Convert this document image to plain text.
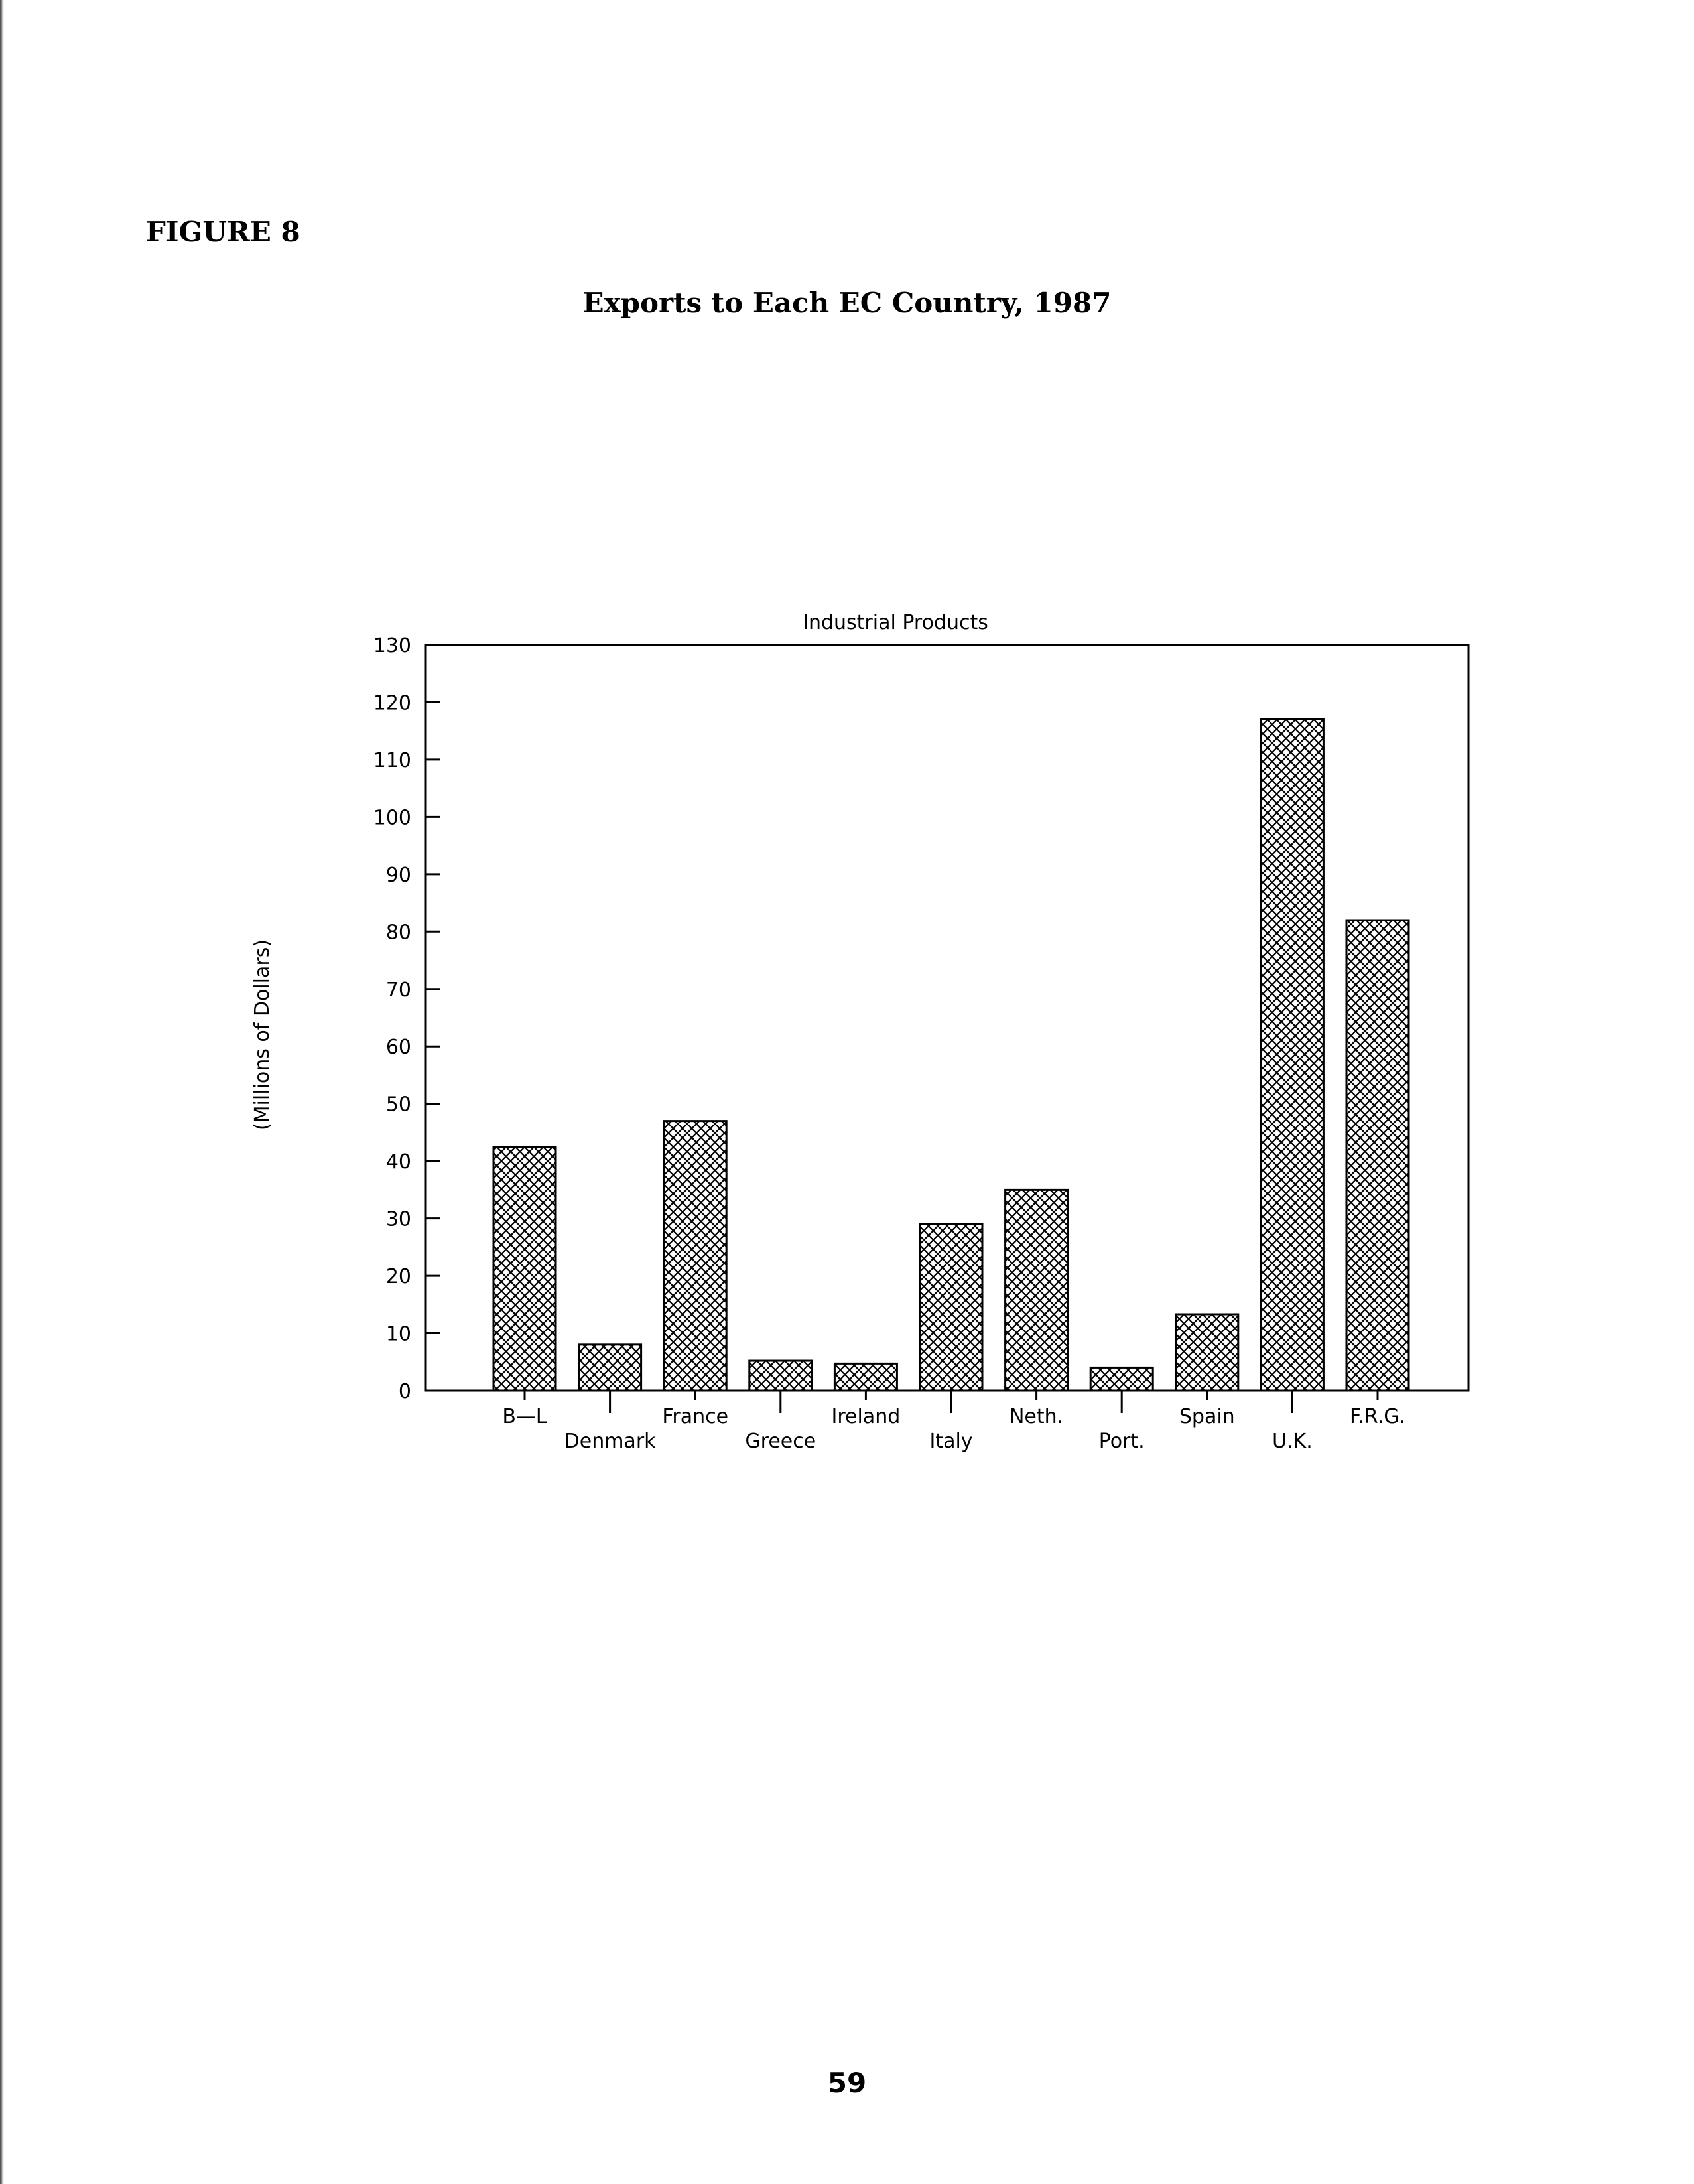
FIGURE 8
Exports to Each EC Country, 1987
Industrial Products
(Millions of Dollars)
0
10
20
30
40
50
60
70
80
90
100
110
120
130
B—L
Denmark
France
Greece
Ireland
Italy
Neth.
Port.
Spain
U.K.
F.R.G.
59
